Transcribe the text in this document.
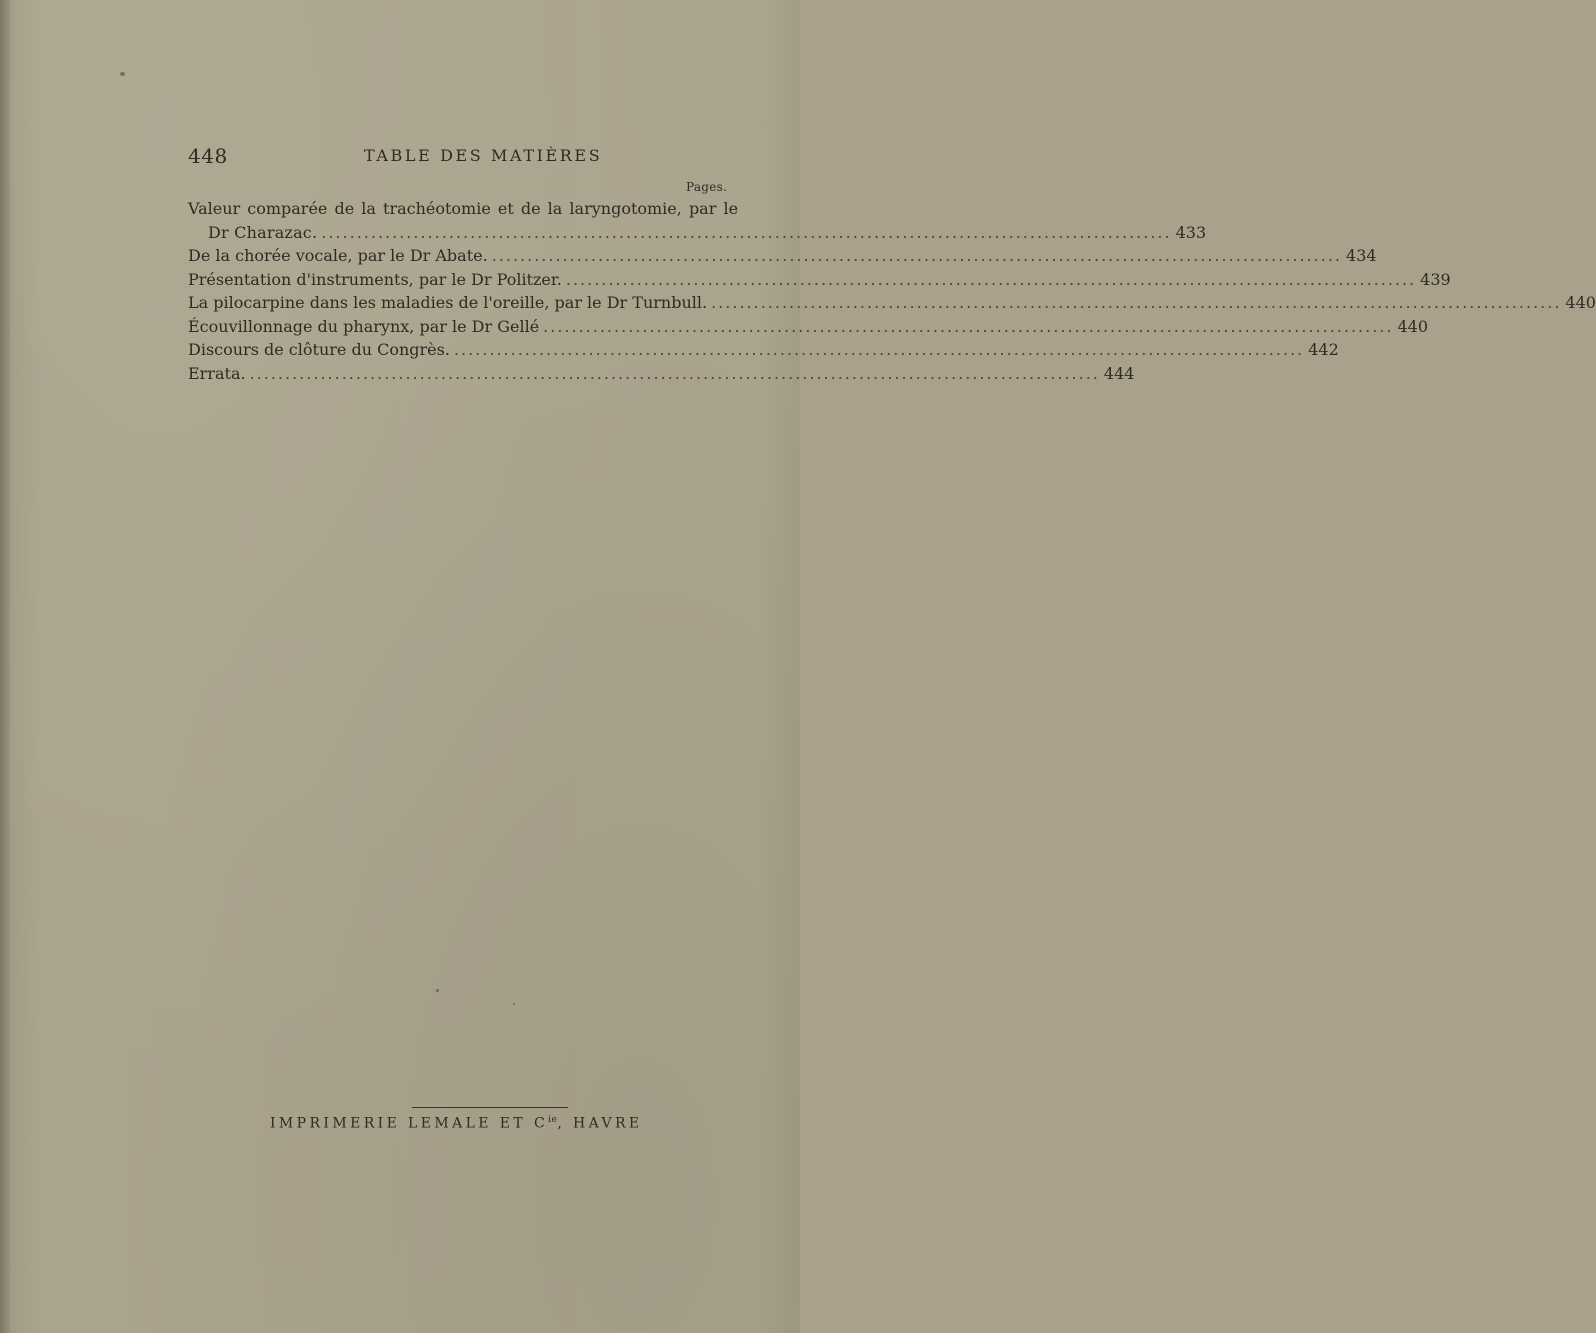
448	TABLE DES MATIÈRES
Pages.
Valeur comparée de la trachéotomie et de la laryngotomie, par le
Dr Charazac. .....	433
De la chorée vocale, par le Dr Abate. .....	434
Présentation d'instruments, par le Dr Politzer. .....	439
La pilocarpine dans les maladies de l'oreille, par le Dr Turnbull. .....	440
Écouvillonnage du pharynx, par le Dr Gellé .....	440
Discours de clôture du Congrès. .....	442
Errata. .....	444
IMPRIMERIE LEMALE ET $C^{ie}$, HAVRE
